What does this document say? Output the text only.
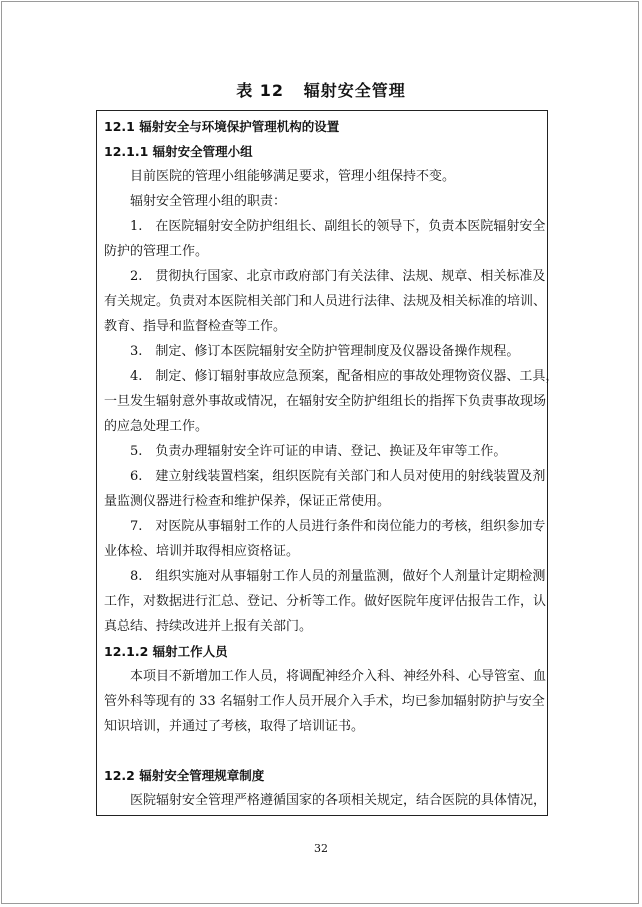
表 12 辐射安全管理
12.1 辐射安全与环境保护管理机构的设置
12.1.1 辐射安全管理小组
目前医院的管理小组能够满足要求，管理小组保持不变。
辐射安全管理小组的职责：
1.　在医院辐射安全防护组组长、副组长的领导下，负责本医院辐射安全
防护的管理工作。
2.　贯彻执行国家、北京市政府部门有关法律、法规、规章、相关标准及
有关规定。负责对本医院相关部门和人员进行法律、法规及相关标准的培训、
教育、指导和监督检查等工作。
3.　制定、修订本医院辐射安全防护管理制度及仪器设备操作规程。
4.　制定、修订辐射事故应急预案，配备相应的事故处理物资仪器、工具，
一旦发生辐射意外事故或情况，在辐射安全防护组组长的指挥下负责事故现场
的应急处理工作。
5.　负责办理辐射安全许可证的申请、登记、换证及年审等工作。
6.　建立射线装置档案，组织医院有关部门和人员对使用的射线装置及剂
量监测仪器进行检查和维护保养，保证正常使用。
7.　对医院从事辐射工作的人员进行条件和岗位能力的考核，组织参加专
业体检、培训并取得相应资格证。
8.　组织实施对从事辐射工作人员的剂量监测，做好个人剂量计定期检测
工作，对数据进行汇总、登记、分析等工作。做好医院年度评估报告工作，认
真总结、持续改进并上报有关部门。
12.1.2 辐射工作人员
本项目不新增加工作人员，将调配神经介入科、神经外科、心导管室、血
管外科等现有的 33 名辐射工作人员开展介入手术，均已参加辐射防护与安全
知识培训，并通过了考核，取得了培训证书。
12.2 辐射安全管理规章制度
医院辐射安全管理严格遵循国家的各项相关规定，结合医院的具体情况，
32
